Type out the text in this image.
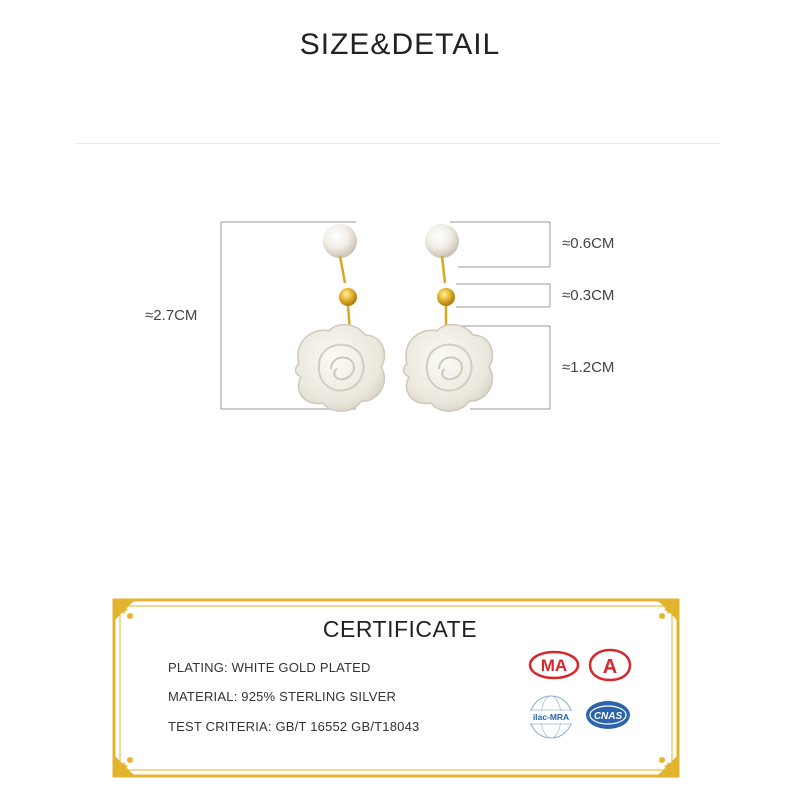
SIZE&DETAIL
≈2.7CM
≈0.6CM
≈0.3CM
≈1.2CM
CERTIFICATE
PLATING: WHITE GOLD PLATED
MATERIAL: 925% STERLING SILVER
TEST CRITERIA: GB/T 16552 GB/T18043
MA A
ilac-MRA CNAS
